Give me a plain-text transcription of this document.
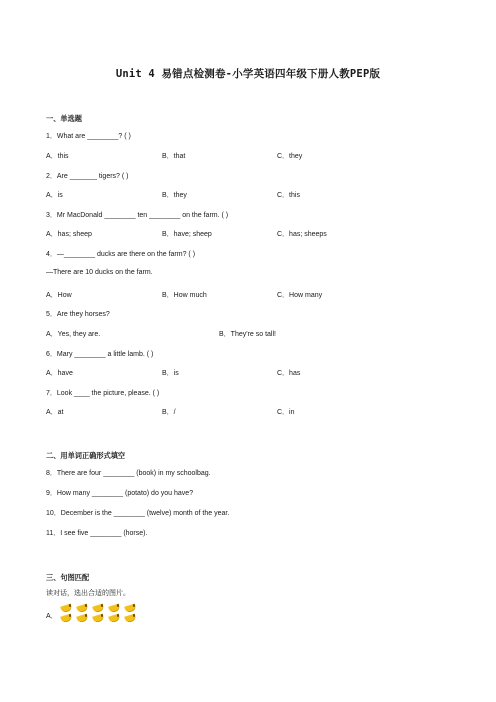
Unit 4 易错点检测卷-小学英语四年级下册人教PEP版
一、单选题
1．What are ________? ( )
A．this	B．that	C．they
2．Are _______ tigers? ( )
A．is	B．they	C．this
3．Mr MacDonald ________ ten ________ on the farm. ( )
A．has; sheep	B．have; sheep	C．has; sheeps
4．—________ ducks are there on the farm? ( )
—There are 10 ducks on the farm.
A．How	B．How much	C．How many
5．Are they horses?
A．Yes, they are.	B．They're so tall!
6．Mary ________ a little lamb. ( )
A．have	B．is	C．has
7．Look ____ the picture, please. ( )
A．at	B．/	C．in
二、用单词正确形式填空
8．There are four ________ (book) in my schoolbag.
9．How many ________ (potato) do you have?
10．December is the ________ (twelve) month of the year.
11．I see five ________ (horse).
三、句图匹配
读对话，选出合适的图片。
A．
